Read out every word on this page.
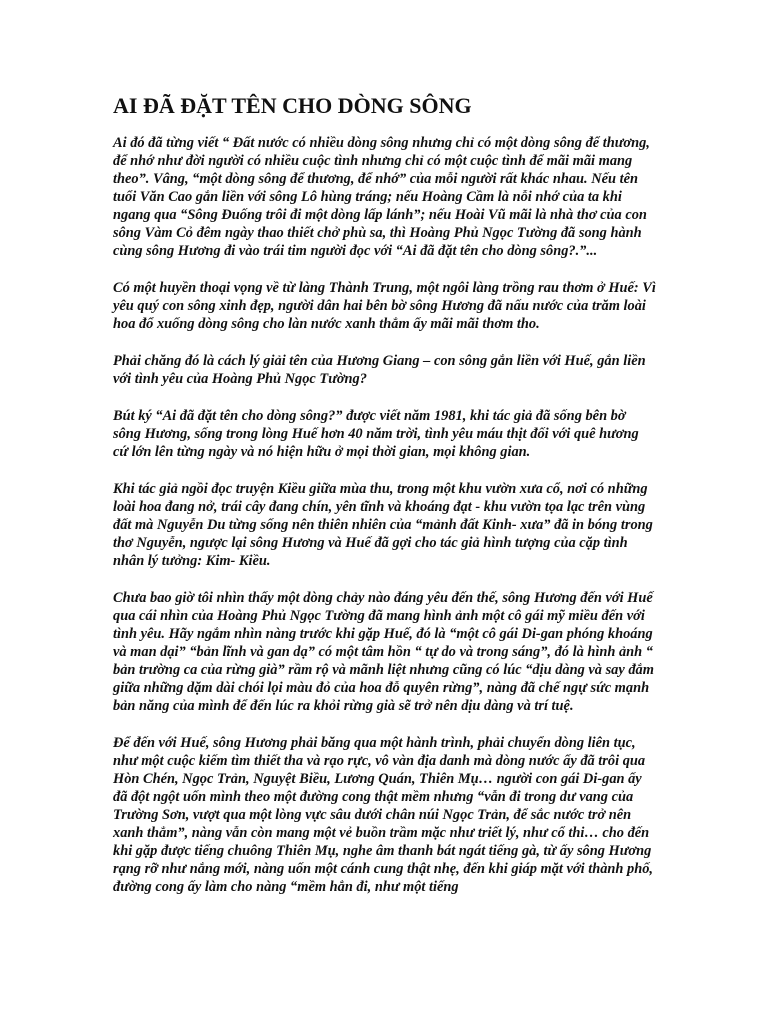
AI ĐÃ ĐẶT TÊN CHO DÒNG SÔNG

Ai đó đã từng viết “ Đất nước có nhiều dòng sông nhưng chỉ có một dòng sông để thương, để nhớ như đời người có nhiều cuộc tình nhưng chỉ có một cuộc tình để mãi mãi mang theo”. Vâng, “một dòng sông để thương, để nhớ” của mỗi người rất khác nhau. Nếu tên tuổi Văn Cao gắn liền với sông Lô hùng tráng; nếu Hoàng Cầm là nỗi nhớ của ta khi ngang qua “Sông Đuống trôi đi một dòng lấp lánh”; nếu Hoài Vũ mãi là nhà thơ của con sông Vàm Cỏ đêm ngày thao thiết chở phù sa, thì Hoàng Phủ Ngọc Tường đã song hành cùng sông Hương đi vào trái tim người đọc với “Ai đã đặt tên cho dòng sông?.”...

Có một huyền thoại vọng về từ làng Thành Trung, một ngôi làng trồng rau thơm ở Huế: Vì yêu quý con sông xinh đẹp, người dân hai bên bờ sông Hương đã nấu nước của trăm loài hoa đổ xuống dòng sông cho làn nước xanh thẳm ấy mãi mãi thơm tho.

Phải chăng đó là cách lý giải tên của Hương Giang – con sông gắn liền với Huế, gắn liền với tình yêu của Hoàng Phủ Ngọc Tường?

Bút ký “Ai đã đặt tên cho dòng sông?” được viết năm 1981, khi tác giả đã sống bên bờ sông Hương, sống trong lòng Huế hơn 40 năm trời, tình yêu máu thịt đối với quê hương cứ lớn lên từng ngày và nó hiện hữu ở mọi thời gian, mọi không gian.

Khi tác giả ngồi đọc truyện Kiều giữa mùa thu, trong một khu vườn xưa cổ, nơi có những loài hoa đang nở, trái cây đang chín, yên tĩnh và khoáng đạt - khu vườn tọa lạc trên vùng đất mà Nguyễn Du từng sống nên thiên nhiên của “mảnh đất Kinh- xưa” đã in bóng trong thơ Nguyễn, ngược lại sông Hương và Huế đã gợi cho tác giả hình tượng của cặp tình nhân lý tưởng: Kim- Kiều.

Chưa bao giờ tôi nhìn thấy một dòng chảy nào đáng yêu đến thế, sông Hương đến với Huế qua cái nhìn của Hoàng Phủ Ngọc Tường đã mang hình ảnh một cô gái mỹ miều đến với tình yêu. Hãy ngắm nhìn nàng trước khi gặp Huế, đó là “một cô gái Di-gan phóng khoáng và man dại” “bản lĩnh và gan dạ” có một tâm hồn “ tự do và trong sáng”, đó là hình ảnh “ bản trường ca của rừng già” rầm rộ và mãnh liệt nhưng cũng có lúc “dịu dàng và say đắm giữa những dặm dài chói lọi màu đỏ của hoa đỗ quyên rừng”, nàng đã chế ngự sức mạnh bản năng của mình để đến lúc ra khỏi rừng già sẽ trở nên dịu dàng và trí tuệ.

Để đến với Huế, sông Hương phải băng qua một hành trình, phải chuyển dòng liên tục, như một cuộc kiếm tìm thiết tha và rạo rực, vô vàn địa danh mà dòng nước ấy đã trôi qua Hòn Chén, Ngọc Trản, Nguyệt Biều, Lương Quán, Thiên Mụ… người con gái Di-gan ấy đã đột ngột uốn mình theo một đường cong thật mềm nhưng “vẫn đi trong dư vang của Trường Sơn, vượt qua một lòng vực sâu dưới chân núi Ngọc Trản, để sắc nước trở nên xanh thẳm”, nàng vẫn còn mang một vẻ buồn trầm mặc như triết lý, như cổ thi… cho đến khi gặp được tiếng chuông Thiên Mụ, nghe âm thanh bát ngát tiếng gà, từ ấy sông Hương rạng rỡ như nắng mới, nàng uốn một cánh cung thật nhẹ, đến khi giáp mặt với thành phố, đường cong ấy làm cho nàng “mềm hẳn đi, như một tiếng
